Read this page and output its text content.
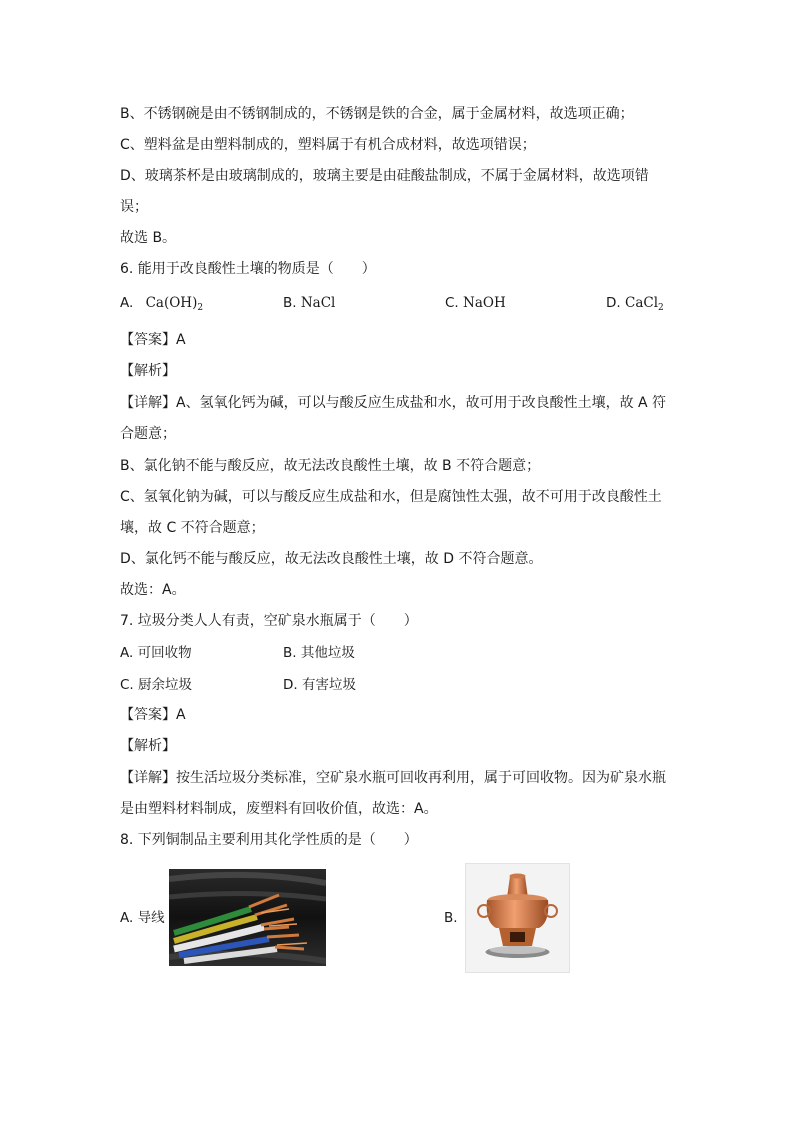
B、不锈钢碗是由不锈钢制成的，不锈钢是铁的合金，属于金属材料，故选项正确；
C、塑料盆是由塑料制成的，塑料属于有机合成材料，故选项错误；
D、玻璃茶杯是由玻璃制成的，玻璃主要是由硅酸盐制成，不属于金属材料，故选项错
误；
故选 B。
6. 能用于改良酸性土壤的物质是（　　）
A. $Ca(OH)_2$	B. NaCl	C. NaOH	D. CaCl$_2$
【答案】A
【解析】
【详解】A、氢氧化钙为碱，可以与酸反应生成盐和水，故可用于改良酸性土壤，故 A 符
合题意；
B、氯化钠不能与酸反应，故无法改良酸性土壤，故 B 不符合题意；
C、氢氧化钠为碱，可以与酸反应生成盐和水，但是腐蚀性太强，故不可用于改良酸性土
壤，故 C 不符合题意；
D、氯化钙不能与酸反应，故无法改良酸性土壤，故 D 不符合题意。
故选：A。
7. 垃圾分类人人有责，空矿泉水瓶属于（　　）
A. 可回收物	B. 其他垃圾
C. 厨余垃圾	D. 有害垃圾
【答案】A
【解析】
【详解】按生活垃圾分类标准，空矿泉水瓶可回收再利用，属于可回收物。因为矿泉水瓶
是由塑料材料制成，废塑料有回收价值，故选：A。
8. 下列铜制品主要利用其化学性质的是（　　）
A. 导线	B.
